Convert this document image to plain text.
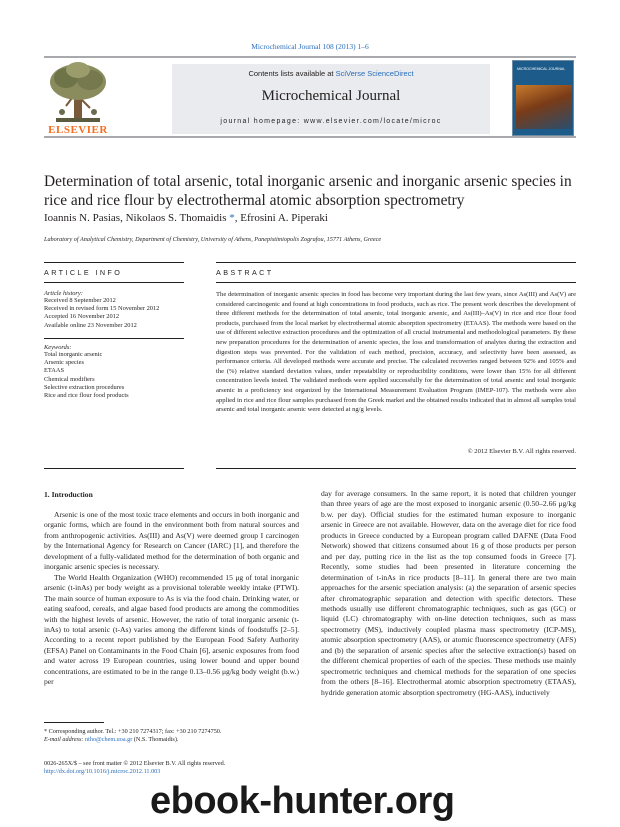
Microchemical Journal 108 (2013) 1–6
ELSEVIER
Contents lists available at SciVerse ScienceDirect
Microchemical Journal
journal homepage: www.elsevier.com/locate/microc
MICROCHEMICAL JOURNAL
Determination of total arsenic, total inorganic arsenic and inorganic arsenic species in rice and rice flour by electrothermal atomic absorption spectrometry
Ioannis N. Pasias, Nikolaos S. Thomaidis *, Efrosini A. Piperaki
Laboratory of Analytical Chemistry, Department of Chemistry, University of Athens, Panepistimiopolis Zografou, 15771 Athens, Greece
ARTICLE INFO
Article history:
Received 8 September 2012
Received in revised form 15 November 2012
Accepted 16 November 2012
Available online 23 November 2012
Keywords:
Total inorganic arsenic
Arsenic species
ETAAS
Chemical modifiers
Selective extraction procedures
Rice and rice flour food products
ABSTRACT
The determination of inorganic arsenic species in food has become very important during the last few years, since As(III) and As(V) are considered carcinogenic and found at high concentrations in food products, such as rice. The present work describes the development of three different methods for the determination of total arsenic, total inorganic arsenic, and As(III)–As(V) in rice and rice flour food products, purchased from the local market by electrothermal atomic absorption spectrometry (ETAAS). The methods were based on the use of different selective extraction procedures and the optimization of all crucial instrumental and methodological parameters. By these new preparation procedures for the determination of arsenic species, the loss and transformation of analytes during the extraction and digestion steps was prevented. For the validation of each method, precision, accuracy, and selectivity have been assessed, as performance criteria. All developed methods were accurate and precise. The calculated recoveries ranged between 92% and 105% and the (%) relative standard deviation values, under repeatability or reproducibility conditions, were lower than 15% for all different concentration levels tested. The validated methods were applied successfully for the determination of total arsenic and total inorganic arsenic in a proficiency test organized by the International Measurement Evaluation Program (IMEP-107). The methods were also applied in rice and rice flour samples purchased from the Greek market and the obtained results indicated that in almost all samples total arsenic and total inorganic arsenic were detected at ng/g levels.
© 2012 Elsevier B.V. All rights reserved.
1. Introduction

Arsenic is one of the most toxic trace elements and occurs in both inorganic and organic forms, which are found in the environment both from natural sources and from anthropogenic activities. As(III) and As(V) were deemed group I carcinogen by the International Agency for Research on Cancer (IARC) [1], and therefore the development of a fully-validated method for the determination of both organic and inorganic arsenic species is necessary.

The World Health Organization (WHO) recommended 15 μg of total inorganic arsenic (t-inAs) per body weight as a provisional tolerable weekly intake (PTWI). The main source of human exposure to As is via the food chain. Drinking water, or eating seafood, cereals, and algae based food products are among the commodities with the highest levels of arsenic. However, the ratio of total inorganic arsenic (t-inAs) to total arsenic (t-As) varies among the different kinds of foodstuffs [2–5]. According to a recent report published by the European Food Safety Authority (EFSA) Panel on Contaminants in the Food Chain [6], arsenic exposures from food and water across 19 European countries, using lower bound and upper bound concentrations, are estimated to be in the range 0.13–0.56 μg/kg body weight (b.w.) per

day for average consumers. In the same report, it is noted that children younger than three years of age are the most exposed to inorganic arsenic (0.50–2.66 μg/kg b.w. per day). Official studies for the estimated human exposure to inorganic arsenic in Greece are not available. However, data on the average diet for rice food products in Greece conducted by a European program called DAFNE (Data Food Network) showed that citizens consumed about 16 g of those products per person and per day, putting rice in the list as the top consumed foods in Greece [7]. Recently, some studies had been presented in literature concerning the determination of t-inAs in rice products [8–11]. In general there are two main approaches for the arsenic speciation analysis: (a) the separation of arsenic species after chromatographic separation and detection with specific detectors. These methods usually use different chromatographic techniques, such as gas (GC) or liquid (LC) chromatography with on-line detection techniques, such as mass spectrometry (MS), inductively coupled plasma mass spectrometry (ICP-MS), atomic absorption spectrometry (AAS), or atomic fluorescence spectrometry (AFS) and (b) the separation of arsenic species after the selective extraction(s) based on the different chemical properties of each of the species. These methods use mainly spectrometric techniques and chemical methods for the separation of one species from the others [8–16]. Electrothermal atomic absorption spectrometry (ETAAS), hydride generation atomic absorption spectrometry (HG-AAS), inductively

* Corresponding author. Tel.: +30 210 7274317; fax: +30 210 7274750.
E-mail address: ntho@chem.uoa.gr (N.S. Thomaidis).
0026-265X/$ – see front matter © 2012 Elsevier B.V. All rights reserved.
http://dx.doi.org/10.1016/j.microc.2012.11.003
ebook-hunter.org
